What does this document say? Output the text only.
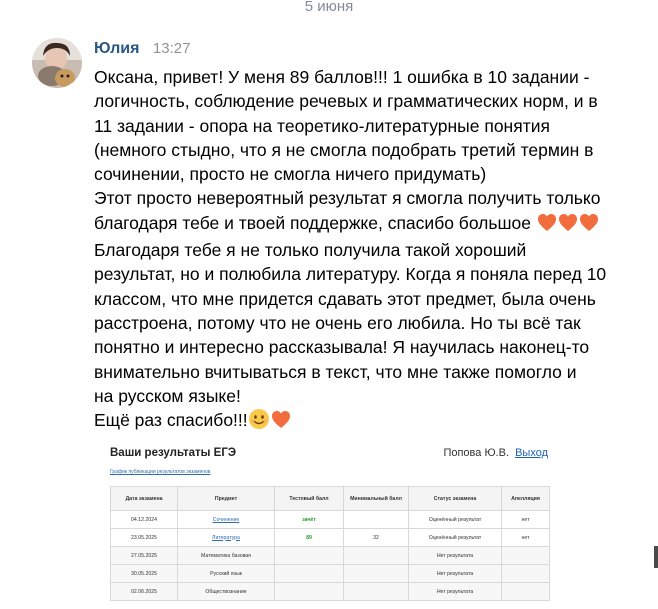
5 июня
Юлия 13:27
Оксана, привет! У меня 89 баллов!!! 1 ошибка в 10 задании -
логичность, соблюдение речевых и грамматических норм, и в
11 задании - опора на теоретико-литературные понятия
(немного стыдно, что я не смогла подобрать третий термин в
сочинении, просто не смогла ничего придумать)
Этот просто невероятный результат я смогла получить только
благодаря тебе и твоей поддержке, спасибо большое
Благодаря тебе я не только получила такой хороший
результат, но и полюбила литературу. Когда я поняла перед 10
классом, что мне придется сдавать этот предмет, была очень
расстроена, потому что не очень его любила. Но ты всё так
понятно и интересно рассказывала! Я научилась наконец-то
внимательно вчитываться в текст, что мне также помогло и
на русском языке!
Ещё раз спасибо!!!
Ваши результаты ЕГЭ	Попова Ю.В. Выход
График публикации результатов экзаменов
Дата экзамена	Предмет	Тестовый балл	Минимальный балл	Статус экзамена	Апелляция
04.12.2024	Сочинение	зачёт		Оценённый результат	нет
23.05.2025	Литература	89	32	Оценённый результат	нет
27.05.2025	Математика базовая			Нет результата	
30.05.2025	Русский язык			Нет результата	
02.06.2025	Обществознание			Нет результата	
